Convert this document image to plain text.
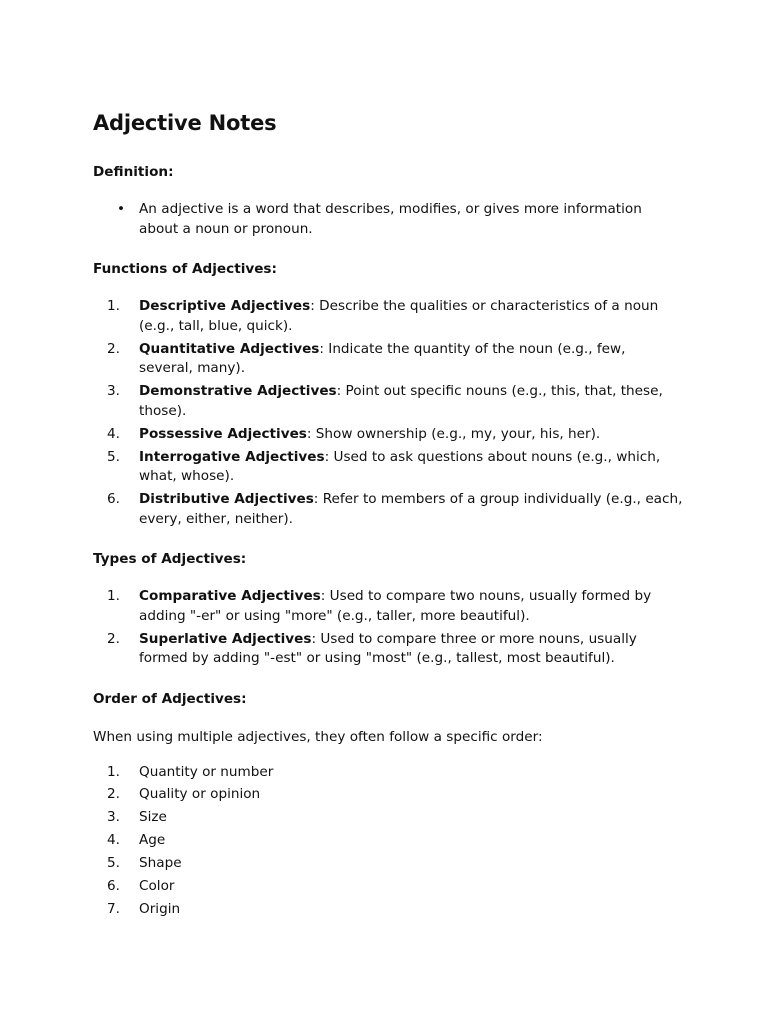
Adjective Notes
Definition:
• An adjective is a word that describes, modifies, or gives more information about a noun or pronoun.
Functions of Adjectives:
1.	Descriptive Adjectives: Describe the qualities or characteristics of a noun (e.g., tall, blue, quick).
2.	Quantitative Adjectives: Indicate the quantity of the noun (e.g., few, several, many).
3.	Demonstrative Adjectives: Point out specific nouns (e.g., this, that, these, those).
4.	Possessive Adjectives: Show ownership (e.g., my, your, his, her).
5.	Interrogative Adjectives: Used to ask questions about nouns (e.g., which, what, whose).
6.	Distributive Adjectives: Refer to members of a group individually (e.g., each, every, either, neither).
Types of Adjectives:
1.	Comparative Adjectives: Used to compare two nouns, usually formed by adding "-er" or using "more" (e.g., taller, more beautiful).
2.	Superlative Adjectives: Used to compare three or more nouns, usually formed by adding "-est" or using "most" (e.g., tallest, most beautiful).
Order of Adjectives:

When using multiple adjectives, they often follow a specific order:

1.	Quantity or number
2.	Quality or opinion
3.	Size
4.	Age
5.	Shape
6.	Color
7.	Origin
